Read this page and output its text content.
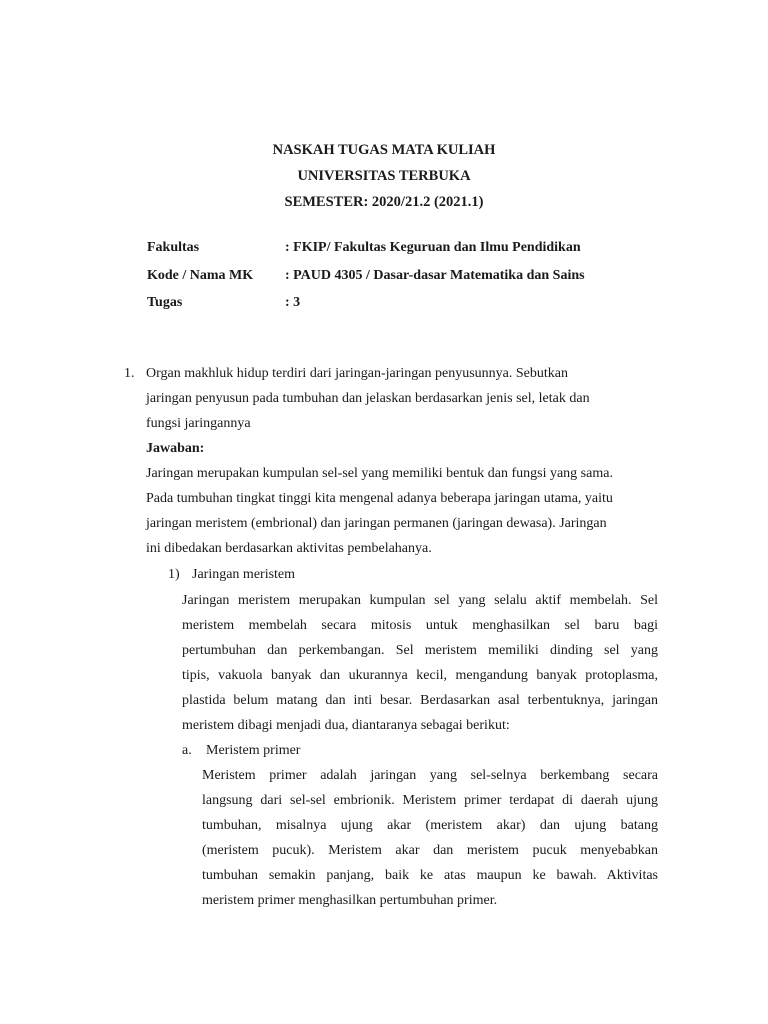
NASKAH TUGAS MATA KULIAH
UNIVERSITAS TERBUKA
SEMESTER: 2020/21.2 (2021.1)
Fakultas	: FKIP/ Fakultas Keguruan dan Ilmu Pendidikan
Kode / Nama MK	: PAUD 4305 / Dasar-dasar Matematika dan Sains
Tugas	: 3
1. Organ makhluk hidup terdiri dari jaringan-jaringan penyusunnya. Sebutkan
jaringan penyusun pada tumbuhan dan jelaskan berdasarkan jenis sel, letak dan
fungsi jaringannya
Jawaban:
Jaringan merupakan kumpulan sel-sel yang memiliki bentuk dan fungsi yang sama.
Pada tumbuhan tingkat tinggi kita mengenal adanya beberapa jaringan utama, yaitu
jaringan meristem (embrional) dan jaringan permanen (jaringan dewasa). Jaringan
ini dibedakan berdasarkan aktivitas pembelahanya.
1) Jaringan meristem
Jaringan meristem merupakan kumpulan sel yang selalu aktif membelah. Sel
meristem membelah secara mitosis untuk menghasilkan sel baru bagi
pertumbuhan dan perkembangan. Sel meristem memiliki dinding sel yang
tipis, vakuola banyak dan ukurannya kecil, mengandung banyak protoplasma,
plastida belum matang dan inti besar. Berdasarkan asal terbentuknya, jaringan
meristem dibagi menjadi dua, diantaranya sebagai berikut:
a. Meristem primer
Meristem primer adalah jaringan yang sel-selnya berkembang secara
langsung dari sel-sel embrionik. Meristem primer terdapat di daerah ujung
tumbuhan, misalnya ujung akar (meristem akar) dan ujung batang
(meristem pucuk). Meristem akar dan meristem pucuk menyebabkan
tumbuhan semakin panjang, baik ke atas maupun ke bawah. Aktivitas
meristem primer menghasilkan pertumbuhan primer.
